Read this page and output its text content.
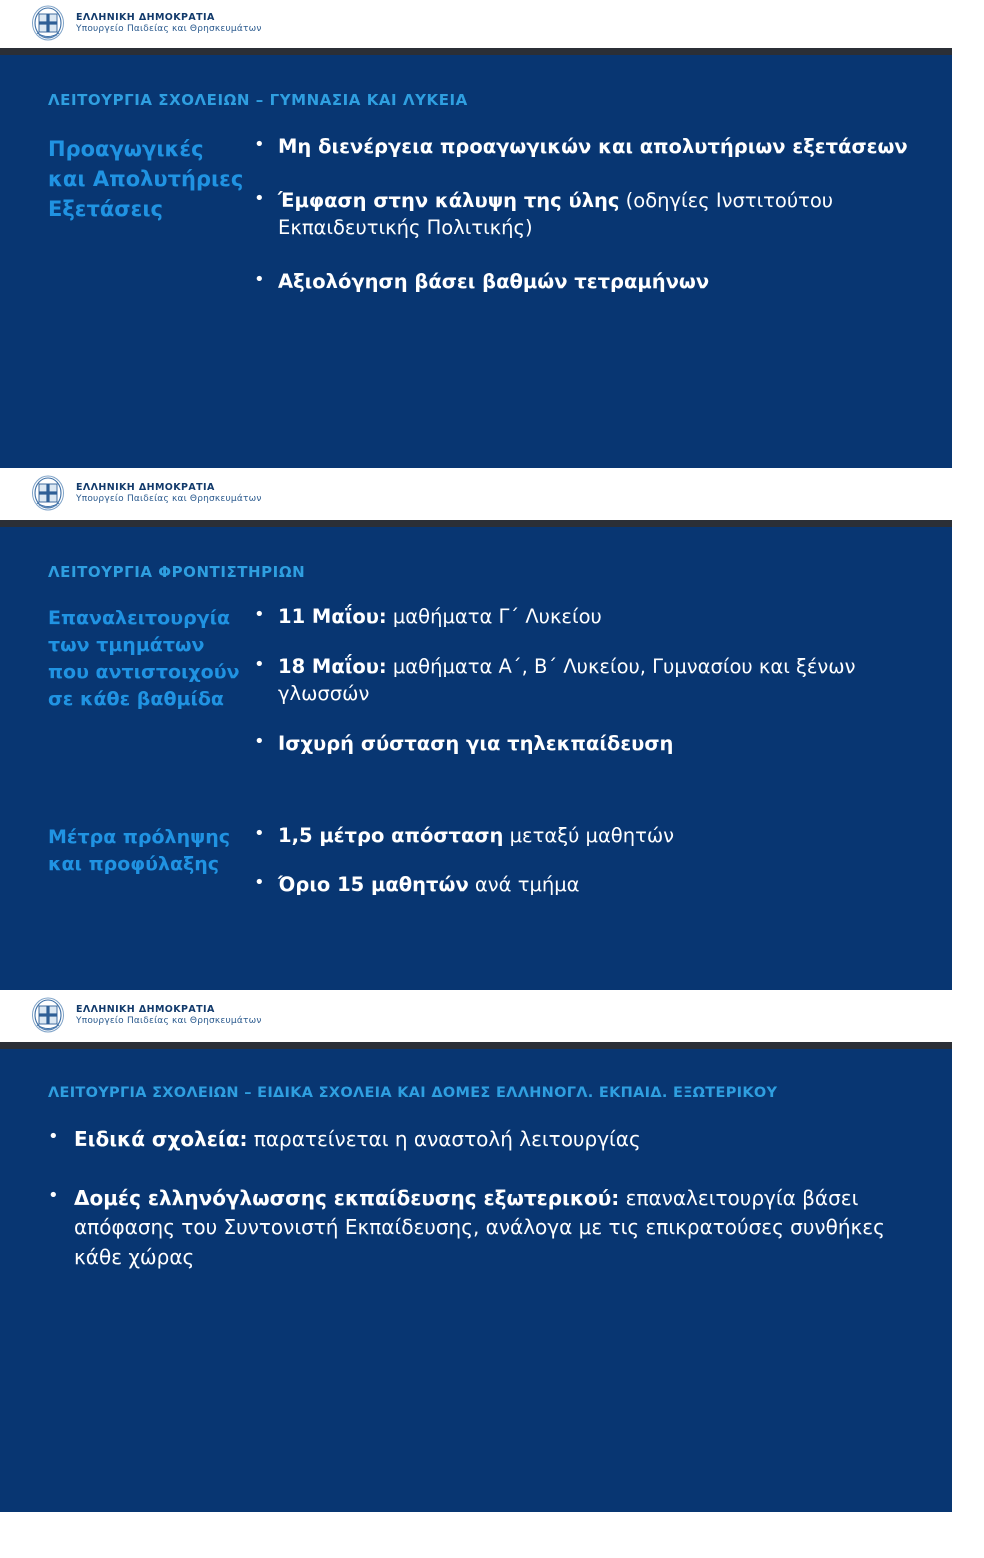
ΕΛΛΗΝΙΚΗ ΔΗΜΟΚΡΑΤΙΑ
Υπουργείο Παιδείας και Θρησκευμάτων
ΛΕΙΤΟΥΡΓΙΑ ΣΧΟΛΕΙΩΝ – ΓΥΜΝΑΣΙΑ ΚΑΙ ΛΥΚΕΙΑ
Προαγωγικές και Απολυτήριες Εξετάσεις
• Μη διενέργεια προαγωγικών και απολυτήριων εξετάσεων
• Έμφαση στην κάλυψη της ύλης (οδηγίες Ινστιτούτου Εκπαιδευτικής Πολιτικής)
• Αξιολόγηση βάσει βαθμών τετραμήνων
ΕΛΛΗΝΙΚΗ ΔΗΜΟΚΡΑΤΙΑ
Υπουργείο Παιδείας και Θρησκευμάτων
ΛΕΙΤΟΥΡΓΙΑ ΦΡΟΝΤΙΣΤΗΡΙΩΝ
Επαναλειτουργία των τμημάτων που αντιστοιχούν σε κάθε βαθμίδα
• 11 Μαΐου: μαθήματα Γ΄ Λυκείου
• 18 Μαΐου: μαθήματα Α΄, Β΄ Λυκείου, Γυμνασίου και ξένων γλωσσών
• Ισχυρή σύσταση για τηλεκπαίδευση
Μέτρα πρόληψης και προφύλαξης
• 1,5 μέτρο απόσταση μεταξύ μαθητών
• Όριο 15 μαθητών ανά τμήμα
ΕΛΛΗΝΙΚΗ ΔΗΜΟΚΡΑΤΙΑ
Υπουργείο Παιδείας και Θρησκευμάτων
ΛΕΙΤΟΥΡΓΙΑ ΣΧΟΛΕΙΩΝ – ΕΙΔΙΚΑ ΣΧΟΛΕΙΑ ΚΑΙ ΔΟΜΕΣ ΕΛΛΗΝΟΓΛ. ΕΚΠΑΙΔ. ΕΞΩΤΕΡΙΚΟΥ
• Ειδικά σχολεία: παρατείνεται η αναστολή λειτουργίας
• Δομές ελληνόγλωσσης εκπαίδευσης εξωτερικού: επαναλειτουργία βάσει απόφασης του Συντονιστή Εκπαίδευσης, ανάλογα με τις επικρατούσες συνθήκες κάθε χώρας
